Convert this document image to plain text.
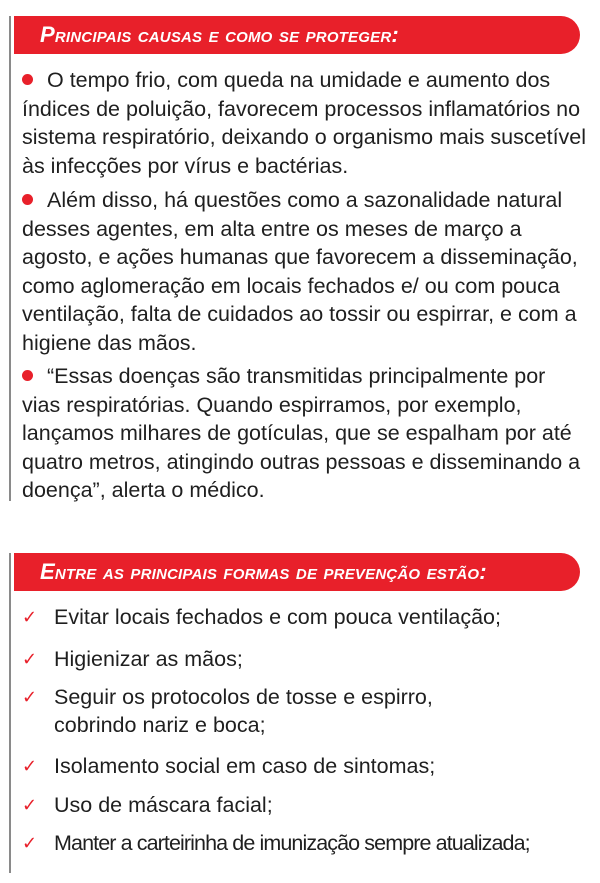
Principais causas e como se proteger:

O tempo frio, com queda na umidade e aumento dos índices de poluição, favorecem processos inflamatórios no sistema respiratório, deixando o organismo mais suscetível às infecções por vírus e bactérias.

Além disso, há questões como a sazonalidade natural desses agentes, em alta entre os meses de março a agosto, e ações humanas que favorecem a disseminação, como aglomeração em locais fechados e/ ou com pouca ventilação, falta de cuidados ao tossir ou espirrar, e com a higiene das mãos.

“Essas doenças são transmitidas principalmente por vias respiratórias. Quando espirramos, por exemplo, lançamos milhares de gotículas, que se espalham por até quatro metros, atingindo outras pessoas e disseminando a doença”, alerta o médico.

Entre as principais formas de prevenção estão:
✓ Evitar locais fechados e com pouca ventilação;
✓ Higienizar as mãos;
✓ Seguir os protocolos de tosse e espirro, cobrindo nariz e boca;
✓ Isolamento social em caso de sintomas;
✓ Uso de máscara facial;
✓ Manter a carteirinha de imunização sempre atualizada;
